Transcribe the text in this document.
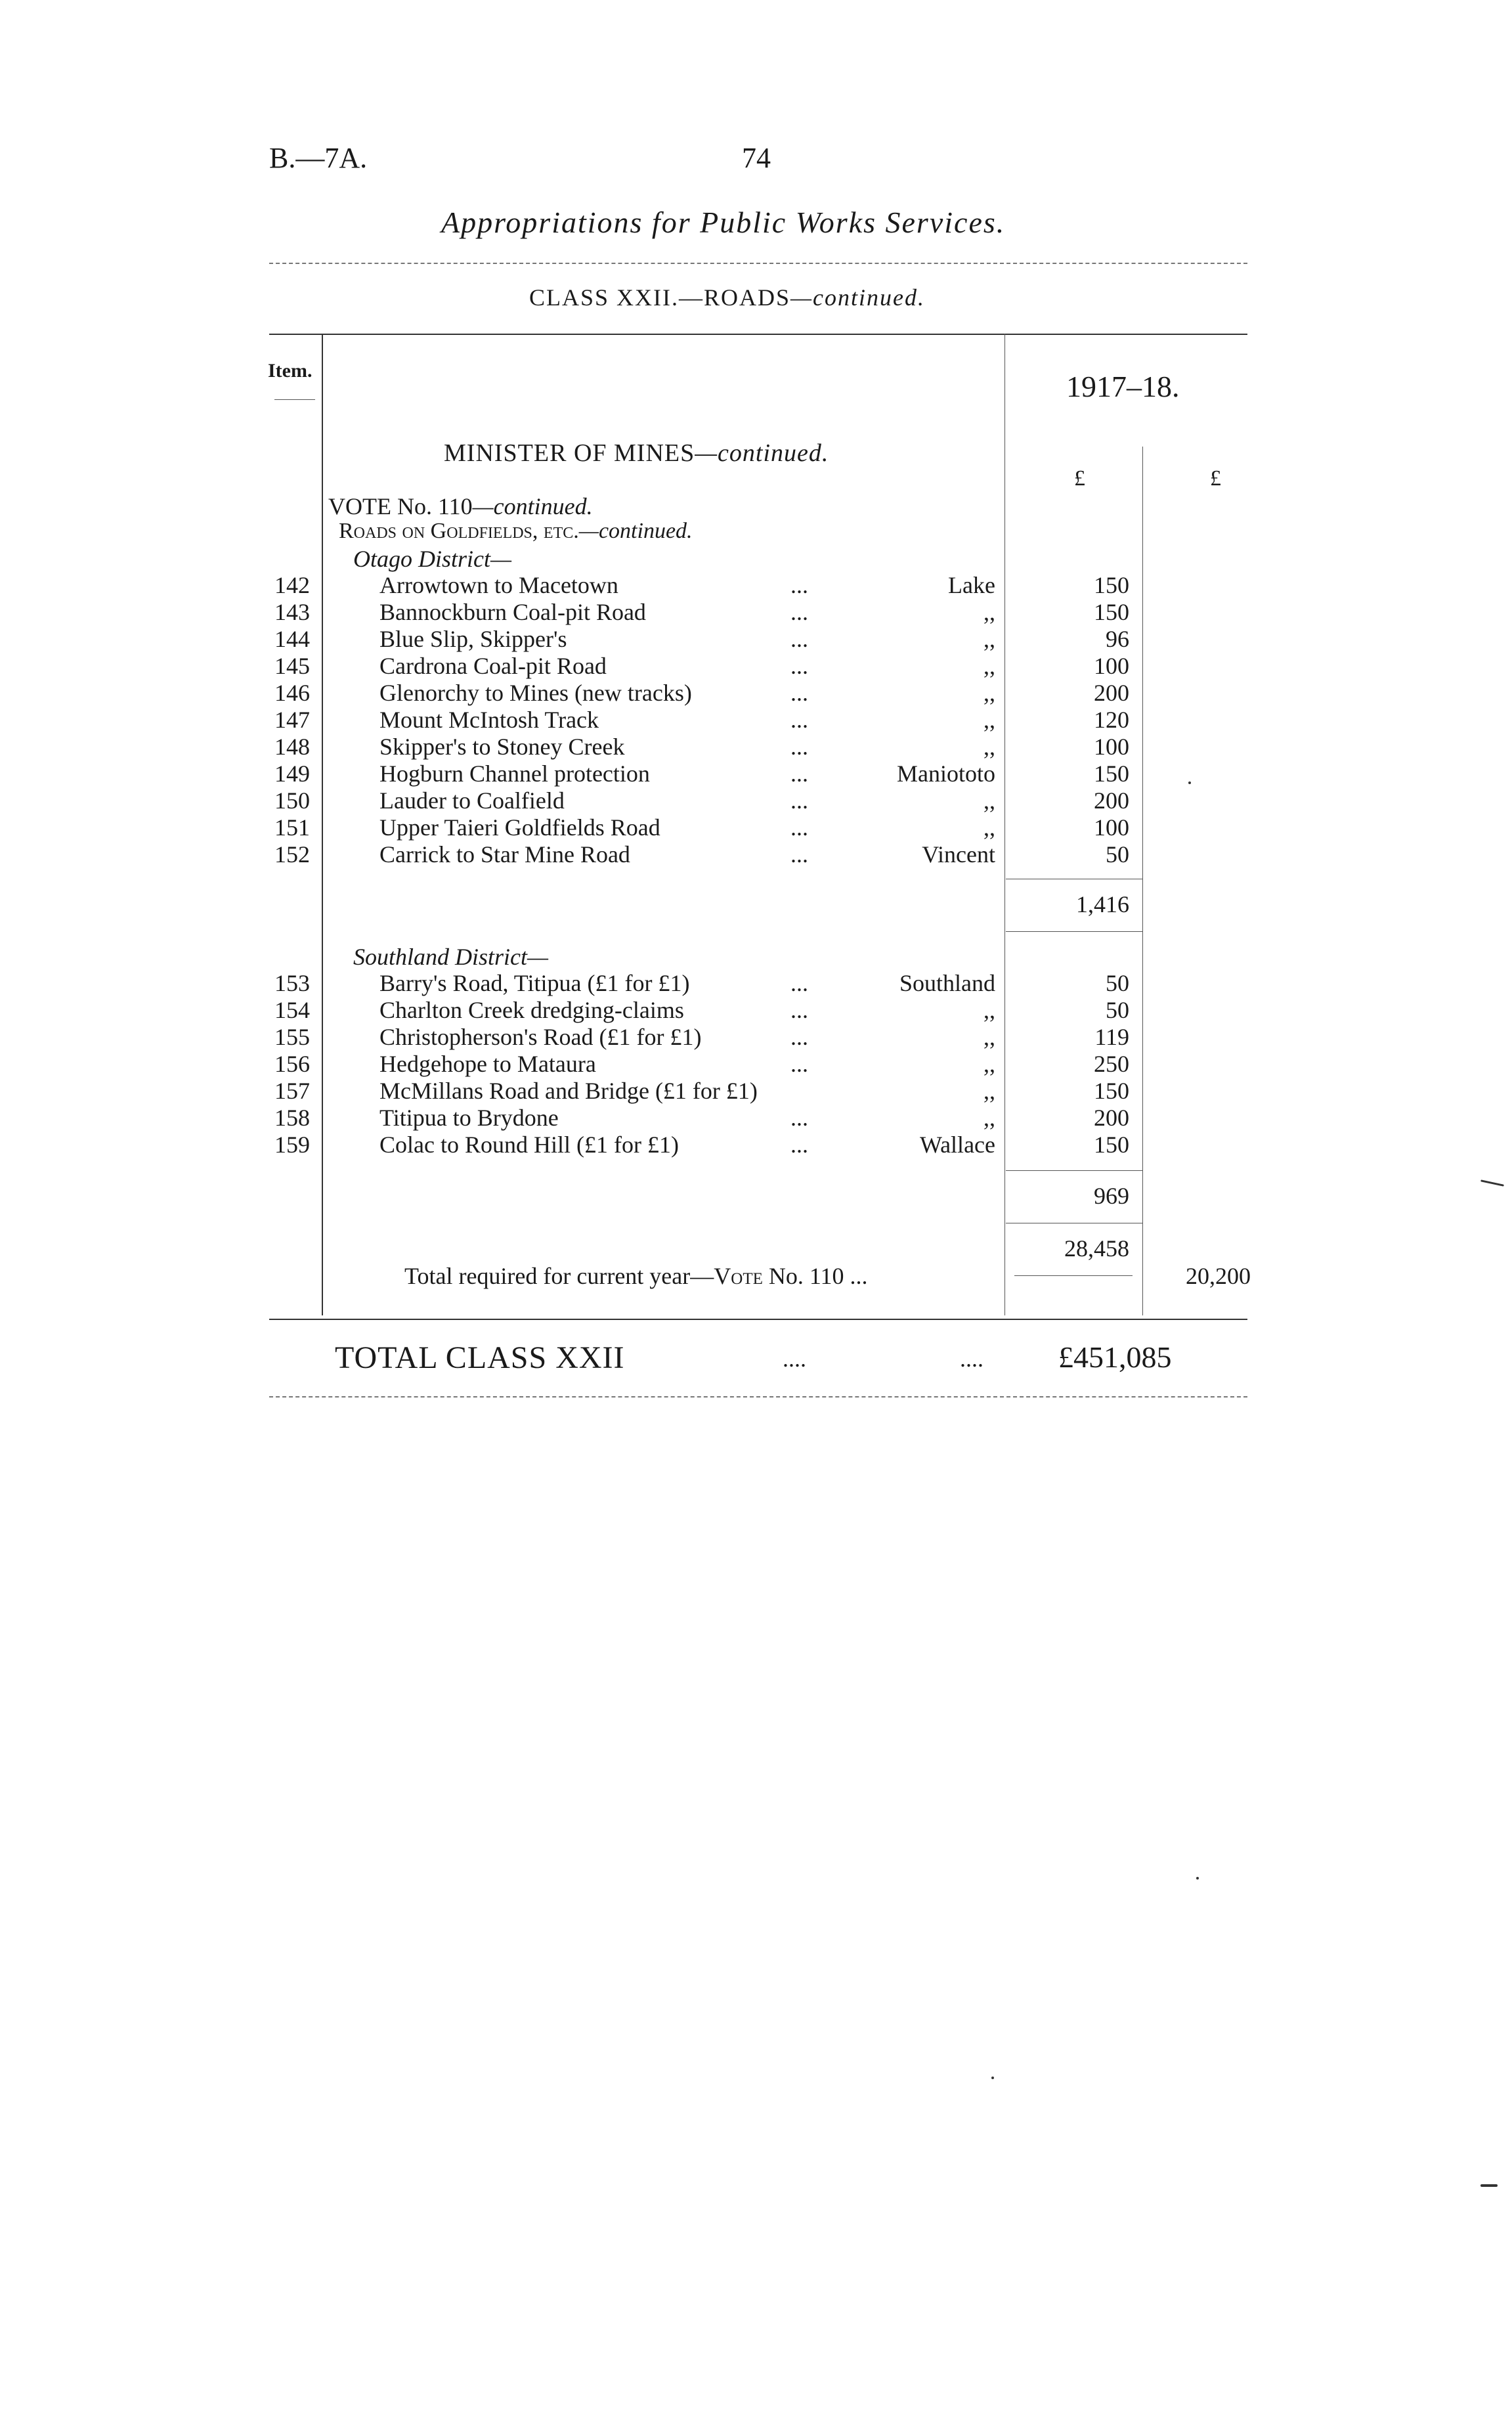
B.—7A.	74
Appropriations for Public Works Services.
CLASS XXII.—ROADS—continued.
Item.	1917–18.
MINISTER OF MINES—continued.
£	£
VOTE No. 110—continued.
Roads on Goldfields, etc.—continued.
Otago District—
142	Arrowtown to Macetown	...	Lake	150
143	Bannockburn Coal-pit Road	...	,,	150
144	Blue Slip, Skipper's	...	,,	96
145	Cardrona Coal-pit Road	...	,,	100
146	Glenorchy to Mines (new tracks)	...	,,	200
147	Mount McIntosh Track	...	,,	120
148	Skipper's to Stoney Creek	...	,,	100
149	Hogburn Channel protection	...	Maniototo	150
150	Lauder to Coalfield	...	,,	200
151	Upper Taieri Goldfields Road	...	,,	100
152	Carrick to Star Mine Road	...	Vincent	50
1,416
Southland District—
153	Barry's Road, Titipua (£1 for £1)	...	Southland	50
154	Charlton Creek dredging-claims	...	,,	50
155	Christopherson's Road (£1 for £1)	...	,,	119
156	Hedgehope to Mataura	...	,,	250
157	McMillans Road and Bridge (£1 for £1)	,,	150
158	Titipua to Brydone	...	,,	200
159	Colac to Round Hill (£1 for £1)	...	Wallace	150
969
28,458
Total required for current year—Vote No. 110 ...	20,200
TOTAL CLASS XXII	....	.... £451,085
